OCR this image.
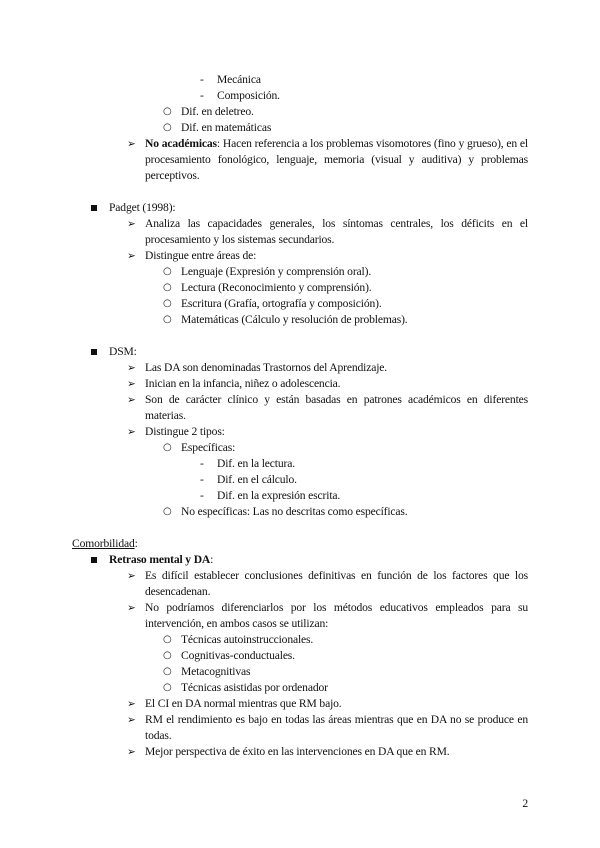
- Mecánica
- Composición.
○ Dif. en deletreo.
○ Dif. en matemáticas
➢ No académicas: Hacen referencia a los problemas visomotores (fino y grueso), en el procesamiento fonológico, lenguaje, memoria (visual y auditiva) y problemas perceptivos.
Padget (1998):
➢ Analiza las capacidades generales, los síntomas centrales, los déficits en el procesamiento y los sistemas secundarios.
➢ Distingue entre áreas de:
○ Lenguaje (Expresión y comprensión oral).
○ Lectura (Reconocimiento y comprensión).
○ Escritura (Grafía, ortografía y composición).
○ Matemáticas (Cálculo y resolución de problemas).
DSM:
➢ Las DA son denominadas Trastornos del Aprendizaje.
➢ Inician en la infancia, niñez o adolescencia.
➢ Son de carácter clínico y están basadas en patrones académicos en diferentes materias.
➢ Distingue 2 tipos:
○ Específicas:
- Dif. en la lectura.
- Dif. en el cálculo.
- Dif. en la expresión escrita.
○ No específicas: Las no descritas como específicas.
Comorbilidad:
Retraso mental y DA:
➢ Es difícil establecer conclusiones definitivas en función de los factores que los desencadenan.
➢ No podríamos diferenciarlos por los métodos educativos empleados para su intervención, en ambos casos se utilizan:
○ Técnicas autoinstruccionales.
○ Cognitivas-conductuales.
○ Metacognitivas
○ Técnicas asistidas por ordenador
➢ El CI en DA normal mientras que RM bajo.
➢ RM el rendimiento es bajo en todas las áreas mientras que en DA no se produce en todas.
➢ Mejor perspectiva de éxito en las intervenciones en DA que en RM.
2
